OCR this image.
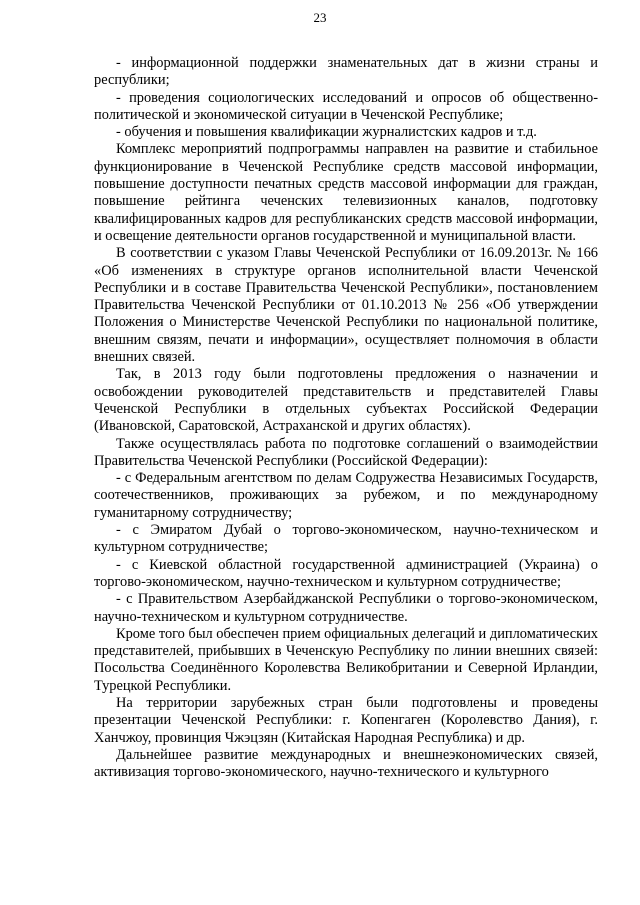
23

- информационной поддержки знаменательных дат в жизни страны и республики;

- проведения социологических исследований и опросов об общественно-политической и экономической ситуации в Чеченской Республике;

- обучения и повышения квалификации журналистских кадров и т.д.

Комплекс мероприятий подпрограммы направлен на развитие и стабильное функционирование в Чеченской Республике средств массовой информации, повышение доступности печатных средств массовой информации для граждан, повышение рейтинга чеченских телевизионных каналов, подготовку квалифицированных кадров для республиканских средств массовой информации, и освещение деятельности органов государственной и муниципальной власти.

В соответствии с указом Главы Чеченской Республики от 16.09.2013г. № 166 «Об изменениях в структуре органов исполнительной власти Чеченской Республики и в составе Правительства Чеченской Республики», постановлением Правительства Чеченской Республики от 01.10.2013 № 256 «Об утверждении Положения о Министерстве Чеченской Республики по национальной политике, внешним связям, печати и информации», осуществляет полномочия в области внешних связей.

Так, в 2013 году были подготовлены предложения о назначении и освобождении руководителей представительств и представителей Главы Чеченской Республики в отдельных субъектах Российской Федерации (Ивановской, Саратовской, Астраханской и других областях).

Также осуществлялась работа по подготовке соглашений о взаимодействии Правительства Чеченской Республики (Российской Федерации):

- с Федеральным агентством по делам Содружества Независимых Государств, соотечественников, проживающих за рубежом, и по международному гуманитарному сотрудничеству;

- с Эмиратом Дубай о торгово-экономическом, научно-техническом и культурном сотрудничестве;

- с Киевской областной государственной администрацией (Украина) о торгово-экономическом, научно-техническом и культурном сотрудничестве;

- с Правительством Азербайджанской Республики о торгово-экономическом, научно-техническом и культурном сотрудничестве.

Кроме того был обеспечен прием официальных делегаций и дипломатических представителей, прибывших в Чеченскую Республику по линии внешних связей: Посольства Соединённого Королевства Великобритании и Северной Ирландии, Турецкой Республики.

На территории зарубежных стран были подготовлены и проведены презентации Чеченской Республики: г. Копенгаген (Королевство Дания), г. Ханчжоу, провинция Чжэцзян (Китайская Народная Республика) и др.

Дальнейшее развитие международных и внешнеэкономических связей, активизация торгово-экономического, научно-технического и культурного
